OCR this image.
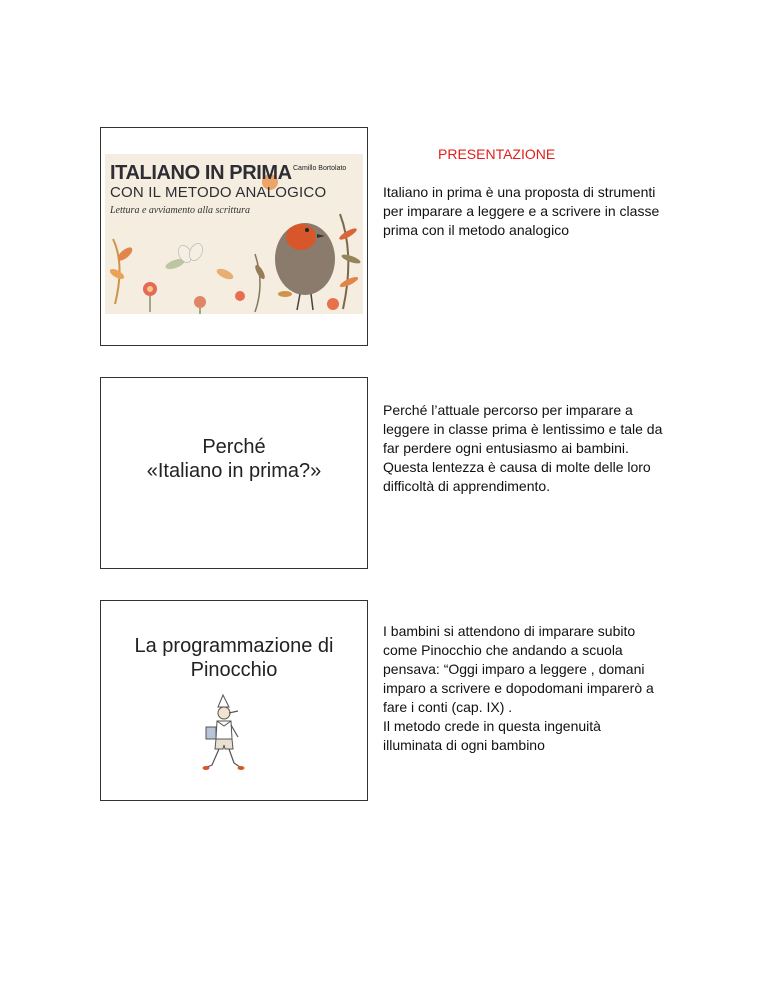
ITALIANO IN PRIMA
CON IL METODO ANALOGICO
Lettura e avviamento alla scrittura
Camillo Bortolato
PRESENTAZIONE
Italiano in prima è una proposta di strumenti
per imparare a leggere e a scrivere in classe
prima con il metodo analogico
Perché
«Italiano in prima?»
Perché l’attuale percorso per imparare a
leggere in classe prima è lentissimo e tale da
far perdere ogni entusiasmo ai bambini.
Questa lentezza è causa di molte delle loro
difficoltà di apprendimento.
La programmazione di
Pinocchio
I bambini si attendono di imparare subito
come Pinocchio che andando a scuola
pensava: “Oggi imparo a leggere , domani
imparo a scrivere e dopodomani imparerò a
fare i conti (cap. IX) .
Il metodo crede in questa ingenuità
illuminata di ogni bambino
